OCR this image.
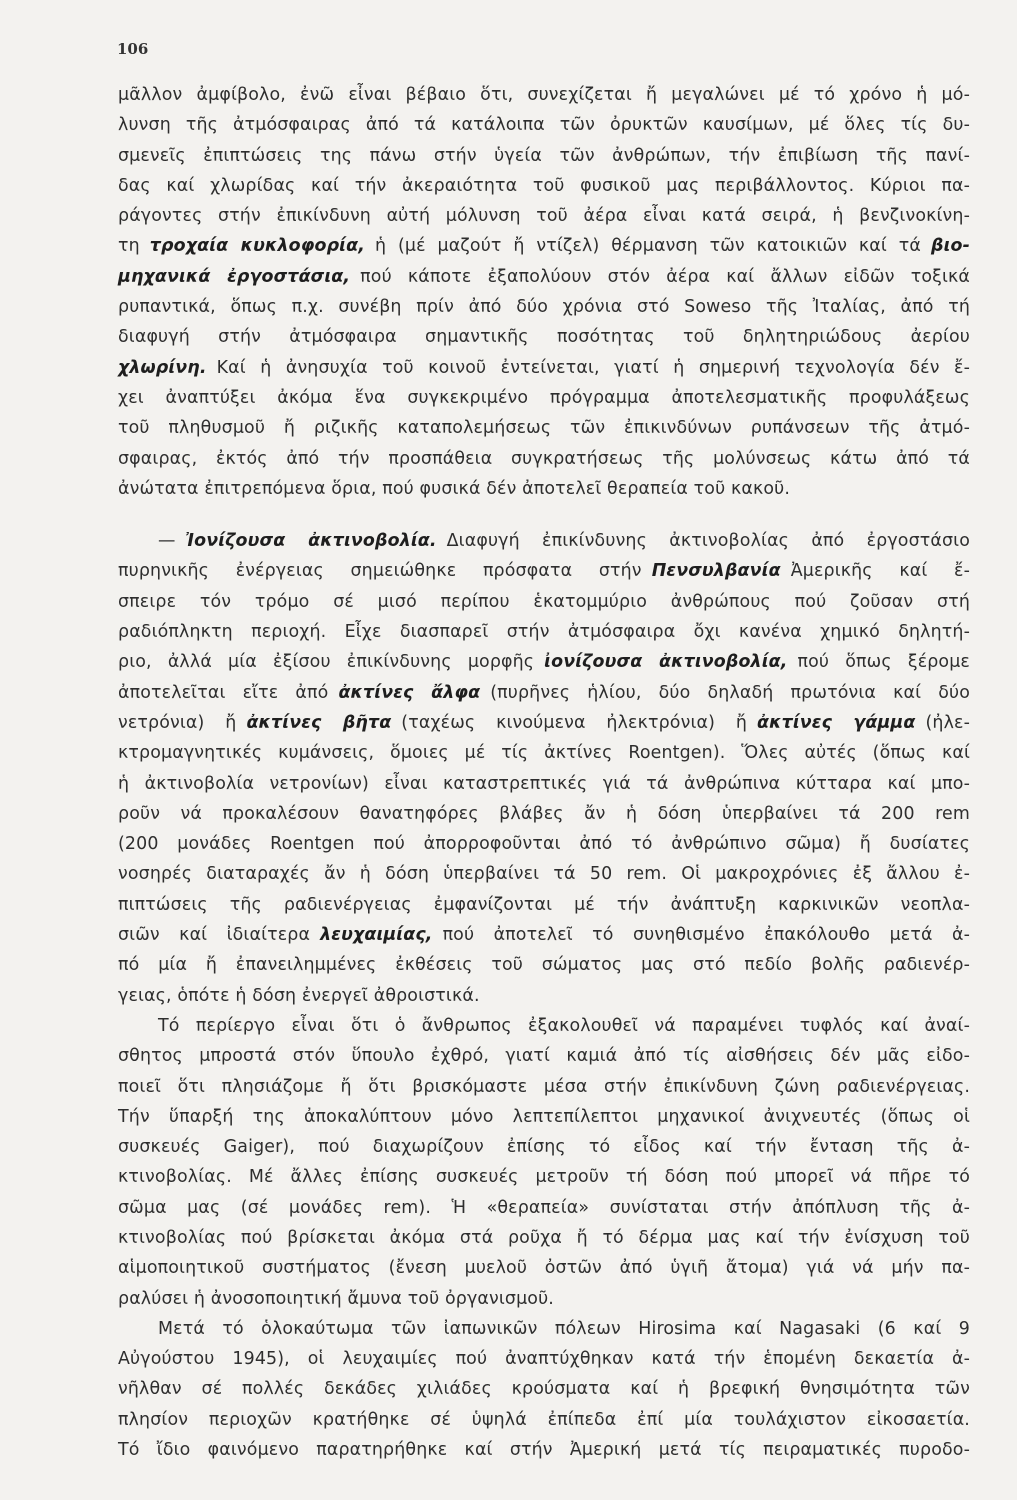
106
μᾶλλον ἀμφίβολο, ἐνῶ εἶναι βέβαιο ὅτι, συνεχίζεται ἤ μεγαλώνει μέ τό χρόνο ἡ μό-
λυνση τῆς ἀτμόσφαιρας ἀπό τά κατάλοιπα τῶν ὀρυκτῶν καυσίμων, μέ ὅλες τίς δυ-
σμενεῖς ἐπιπτώσεις της πάνω στήν ὑγεία τῶν ἀνθρώπων, τήν ἐπιβίωση τῆς πανί-
δας καί χλωρίδας καί τήν ἀκεραιότητα τοῦ φυσικοῦ μας περιβάλλοντος. Κύριοι πα-
ράγοντες στήν ἐπικίνδυνη αὐτή μόλυνση τοῦ ἀέρα εἶναι κατά σειρά, ἡ βενζινοκίνη-
τη τροχαία κυκλοφορία, ἡ (μέ μαζούτ ἤ ντίζελ) θέρμανση τῶν κατοικιῶν καί τά βιο-
μηχανικά ἐργοστάσια, πού κάποτε ἐξαπολύουν στόν ἀέρα καί ἄλλων εἰδῶν τοξικά
ρυπαντικά, ὅπως π.χ. συνέβη πρίν ἀπό δύο χρόνια στό Soweso τῆς Ἰταλίας, ἀπό τή
διαφυγή στήν ἀτμόσφαιρα σημαντικῆς ποσότητας τοῦ δηλητηριώδους ἀερίου
χλωρίνη. Καί ἡ ἀνησυχία τοῦ κοινοῦ ἐντείνεται, γιατί ἡ σημερινή τεχνολογία δέν ἔ-
χει ἀναπτύξει ἀκόμα ἕνα συγκεκριμένο πρόγραμμα ἀποτελεσματικῆς προφυλάξεως
τοῦ πληθυσμοῦ ἤ ριζικῆς καταπολεμήσεως τῶν ἐπικινδύνων ρυπάνσεων τῆς ἀτμό-
σφαιρας, ἐκτός ἀπό τήν προσπάθεια συγκρατήσεως τῆς μολύνσεως κάτω ἀπό τά
ἀνώτατα ἐπιτρεπόμενα ὅρια, πού φυσικά δέν ἀποτελεῖ θεραπεία τοῦ κακοῦ.
— Ἰονίζουσα ἀκτινοβολία. Διαφυγή ἐπικίνδυνης ἀκτινοβολίας ἀπό ἐργοστάσιο
πυρηνικῆς ἐνέργειας σημειώθηκε πρόσφατα στήν Πενσυλβανία Ἀμερικῆς καί ἔ-
σπειρε τόν τρόμο σέ μισό περίπου ἑκατομμύριο ἀνθρώπους πού ζοῦσαν στή
ραδιόπληκτη περιοχή. Εἶχε διασπαρεῖ στήν ἀτμόσφαιρα ὄχι κανένα χημικό δηλητή-
ριο, ἀλλά μία ἐξίσου ἐπικίνδυνης μορφῆς ἰονίζουσα ἀκτινοβολία, πού ὅπως ξέρομε
ἀποτελεῖται εἴτε ἀπό ἀκτίνες ἄλφα (πυρῆνες ἡλίου, δύο δηλαδή πρωτόνια καί δύο
νετρόνια) ἤ ἀκτίνες βῆτα (ταχέως κινούμενα ἠλεκτρόνια) ἤ ἀκτίνες γάμμα (ἠλε-
κτρομαγνητικές κυμάνσεις, ὅμοιες μέ τίς ἀκτίνες Roentgen). Ὅλες αὐτές (ὅπως καί
ἡ ἀκτινοβολία νετρονίων) εἶναι καταστρεπτικές γιά τά ἀνθρώπινα κύτταρα καί μπο-
ροῦν νά προκαλέσουν θανατηφόρες βλάβες ἄν ἡ δόση ὑπερβαίνει τά 200 rem
(200 μονάδες Roentgen πού ἀπορροφοῦνται ἀπό τό ἀνθρώπινο σῶμα) ἤ δυσίατες
νοσηρές διαταραχές ἄν ἡ δόση ὑπερβαίνει τά 50 rem. Οἱ μακροχρόνιες ἐξ ἄλλου ἐ-
πιπτώσεις τῆς ραδιενέργειας ἐμφανίζονται μέ τήν ἀνάπτυξη καρκινικῶν νεοπλα-
σιῶν καί ἰδιαίτερα λευχαιμίας, πού ἀποτελεῖ τό συνηθισμένο ἐπακόλουθο μετά ἀ-
πό μία ἤ ἐπανειλημμένες ἐκθέσεις τοῦ σώματος μας στό πεδίο βολῆς ραδιενέρ-
γειας, ὁπότε ἡ δόση ἐνεργεῖ ἀθροιστικά.
Τό περίεργο εἶναι ὅτι ὁ ἄνθρωπος ἐξακολουθεῖ νά παραμένει τυφλός καί ἀναί-
σθητος μπροστά στόν ὕπουλο ἐχθρό, γιατί καμιά ἀπό τίς αἰσθήσεις δέν μᾶς εἰδο-
ποιεῖ ὅτι πλησιάζομε ἤ ὅτι βρισκόμαστε μέσα στήν ἐπικίνδυνη ζώνη ραδιενέργειας.
Τήν ὕπαρξή της ἀποκαλύπτουν μόνο λεπτεπίλεπτοι μηχανικοί ἀνιχνευτές (ὅπως οἱ
συσκευές Gaiger), πού διαχωρίζουν ἐπίσης τό εἶδος καί τήν ἔνταση τῆς ἀ-
κτινοβολίας. Μέ ἄλλες ἐπίσης συσκευές μετροῦν τή δόση πού μπορεῖ νά πῆρε τό
σῶμα μας (σέ μονάδες rem). Ἡ «θεραπεία» συνίσταται στήν ἀπόπλυση τῆς ἀ-
κτινοβολίας πού βρίσκεται ἀκόμα στά ροῦχα ἤ τό δέρμα μας καί τήν ἐνίσχυση τοῦ
αἱμοποιητικοῦ συστήματος (ἔνεση μυελοῦ ὀστῶν ἀπό ὑγιῆ ἄτομα) γιά νά μήν πα-
ραλύσει ἡ ἀνοσοποιητική ἄμυνα τοῦ ὀργανισμοῦ.
Μετά τό ὁλοκαύτωμα τῶν ἰαπωνικῶν πόλεων Hirosima καί Nagasaki (6 καί 9
Αὐγούστου 1945), οἱ λευχαιμίες πού ἀναπτύχθηκαν κατά τήν ἑπομένη δεκαετία ἀ-
νῆλθαν σέ πολλές δεκάδες χιλιάδες κρούσματα καί ἡ βρεφική θνησιμότητα τῶν
πλησίον περιοχῶν κρατήθηκε σέ ὑψηλά ἐπίπεδα ἐπί μία τουλάχιστον εἰκοσαετία.
Τό ἴδιο φαινόμενο παρατηρήθηκε καί στήν Ἀμερική μετά τίς πειραματικές πυροδο-
